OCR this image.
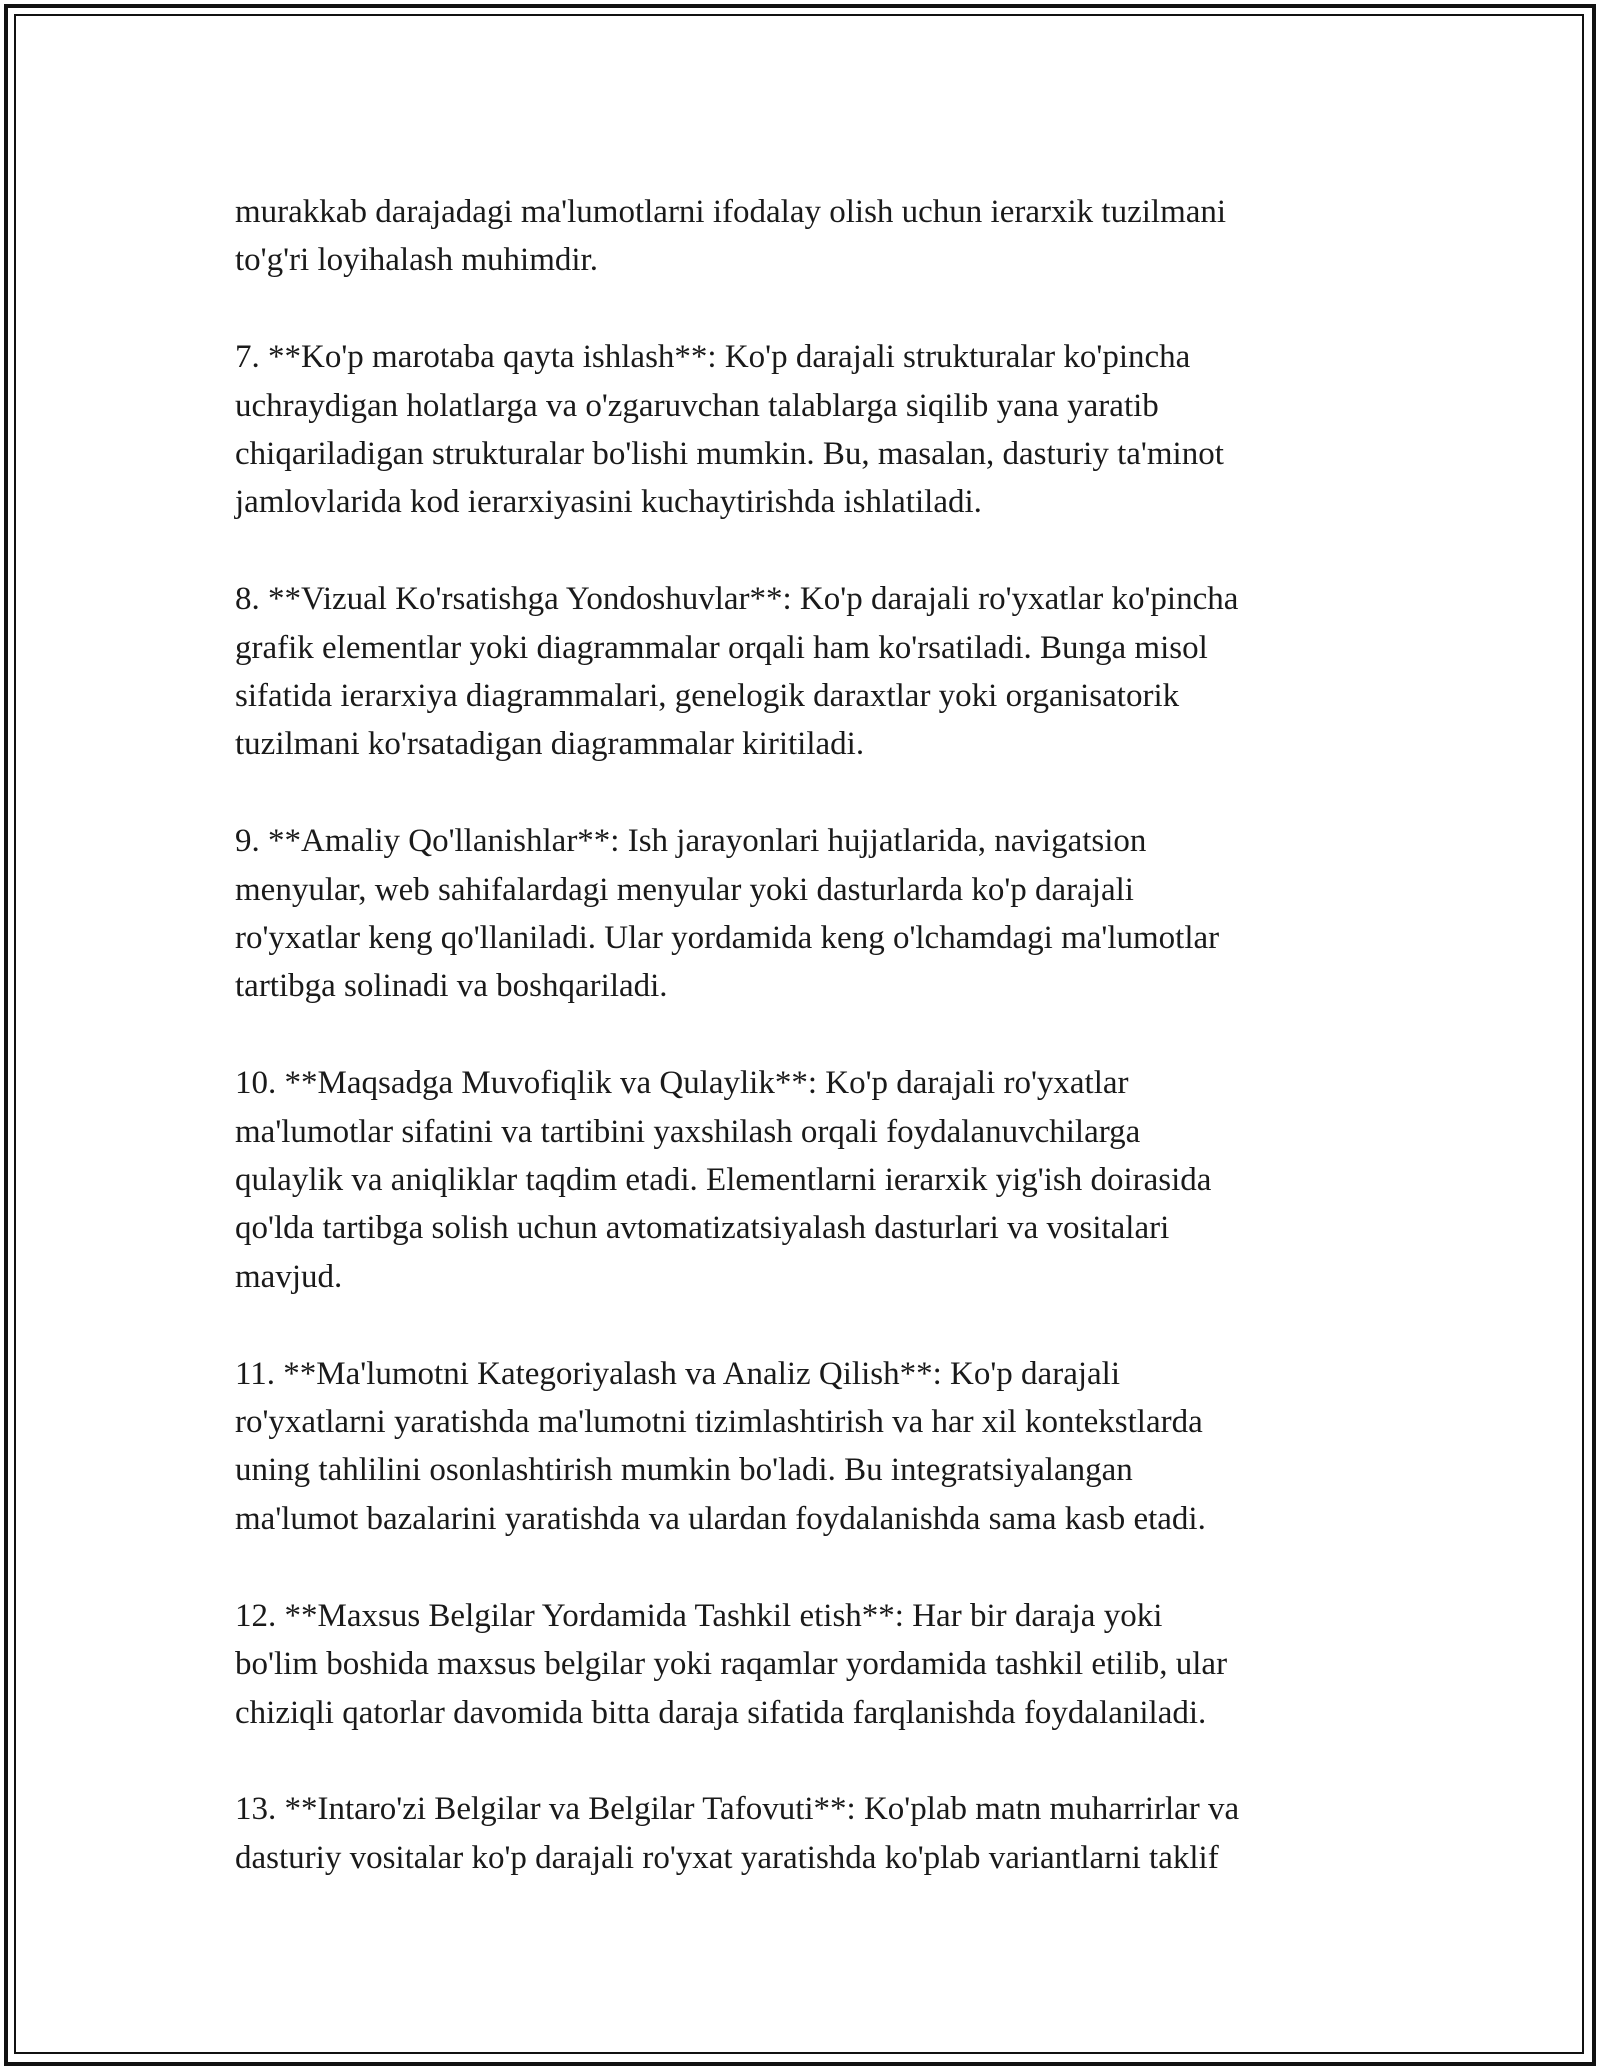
murakkab darajadagi ma'lumotlarni ifodalay olish uchun ierarxik tuzilmani
to'g'ri loyihalash muhimdir.

7. **Ko'p marotaba qayta ishlash**: Ko'p darajali strukturalar ko'pincha
uchraydigan holatlarga va o'zgaruvchan talablarga siqilib yana yaratib
chiqariladigan strukturalar bo'lishi mumkin. Bu, masalan, dasturiy ta'minot
jamlovlarida kod ierarxiyasini kuchaytirishda ishlatiladi.

8. **Vizual Ko'rsatishga Yondoshuvlar**: Ko'p darajali ro'yxatlar ko'pincha
grafik elementlar yoki diagrammalar orqali ham ko'rsatiladi. Bunga misol
sifatida ierarxiya diagrammalari, genelogik daraxtlar yoki organisatorik
tuzilmani ko'rsatadigan diagrammalar kiritiladi.

9. **Amaliy Qo'llanishlar**: Ish jarayonlari hujjatlarida, navigatsion
menyular, web sahifalardagi menyular yoki dasturlarda ko'p darajali
ro'yxatlar keng qo'llaniladi. Ular yordamida keng o'lchamdagi ma'lumotlar
tartibga solinadi va boshqariladi.

10. **Maqsadga Muvofiqlik va Qulaylik**: Ko'p darajali ro'yxatlar
ma'lumotlar sifatini va tartibini yaxshilash orqali foydalanuvchilarga
qulaylik va aniqliklar taqdim etadi. Elementlarni ierarxik yig'ish doirasida
qo'lda tartibga solish uchun avtomatizatsiyalash dasturlari va vositalari
mavjud.

11. **Ma'lumotni Kategoriyalash va Analiz Qilish**: Ko'p darajali
ro'yxatlarni yaratishda ma'lumotni tizimlashtirish va har xil kontekstlarda
uning tahlilini osonlashtirish mumkin bo'ladi. Bu integratsiyalangan
ma'lumot bazalarini yaratishda va ulardan foydalanishda sama kasb etadi.

12. **Maxsus Belgilar Yordamida Tashkil etish**: Har bir daraja yoki
bo'lim boshida maxsus belgilar yoki raqamlar yordamida tashkil etilib, ular
chiziqli qatorlar davomida bitta daraja sifatida farqlanishda foydalaniladi.

13. **Intaro'zi Belgilar va Belgilar Tafovuti**: Ko'plab matn muharrirlar va
dasturiy vositalar ko'p darajali ro'yxat yaratishda ko'plab variantlarni taklif
